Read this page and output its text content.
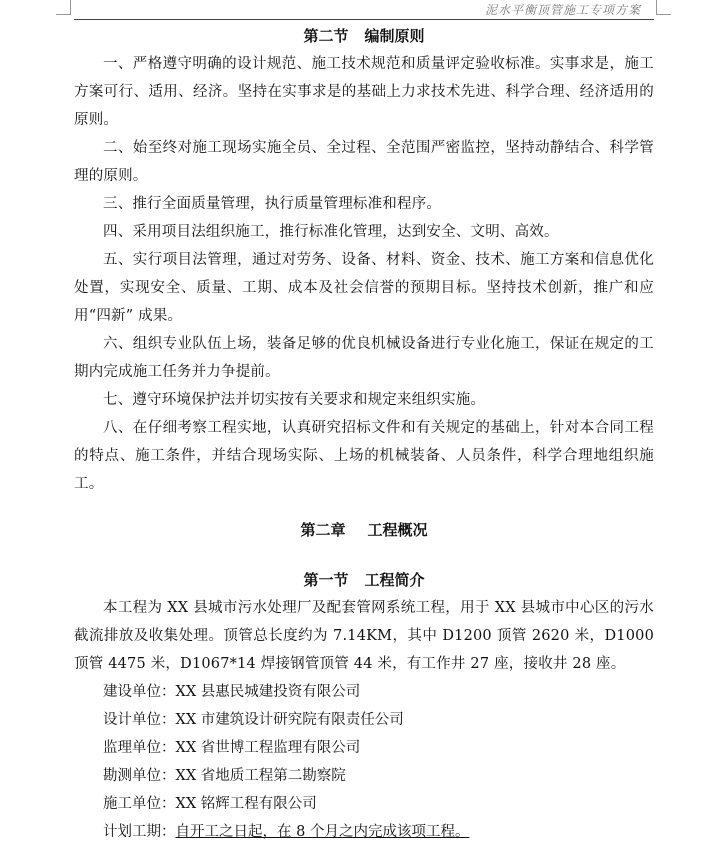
泥水平衡顶管施工专项方案
第二节 编制原则

一、严格遵守明确的设计规范、施工技术规范和质量评定验收标准。实事求是，施工方案可行、适用、经济。坚持在实事求是的基础上力求技术先进、科学合理、经济适用的原则。

二、始至终对施工现场实施全员、全过程、全范围严密监控，坚持动静结合、科学管理的原则。

三、推行全面质量管理，执行质量管理标准和程序。

四、采用项目法组织施工，推行标准化管理，达到安全、文明、高效。

五、实行项目法管理，通过对劳务、设备、材料、资金、技术、施工方案和信息优化处置，实现安全、质量、工期、成本及社会信誉的预期目标。坚持技术创新，推广和应用“四新” 成果。

六、组织专业队伍上场，装备足够的优良机械设备进行专业化施工，保证在规定的工期内完成施工任务并力争提前。

七、遵守环境保护法并切实按有关要求和规定来组织实施。

八、在仔细考察工程实地，认真研究招标文件和有关规定的基础上，针对本合同工程的特点、施工条件，并结合现场实际、上场的机械装备、人员条件，科学合理地组织施工。

第二章 工程概况
第一节 工程简介

本工程为 XX 县城市污水处理厂及配套管网系统工程，用于 XX 县城市中心区的污水截流排放及收集处理。顶管总长度约为 7.14KM，其中 D1200 顶管 2620 米，D1000 顶管 4475 米，D1067*14 焊接钢管顶管 44 米，有工作井 27 座，接收井 28 座。

建设单位：XX 县惠民城建投资有限公司

设计单位：XX 市建筑设计研究院有限责任公司

监理单位：XX 省世博工程监理有限公司

勘测单位：XX 省地质工程第二勘察院

施工单位：XX 铭辉工程有限公司

计划工期：自开工之日起，在 8 个月之内完成该项工程。
